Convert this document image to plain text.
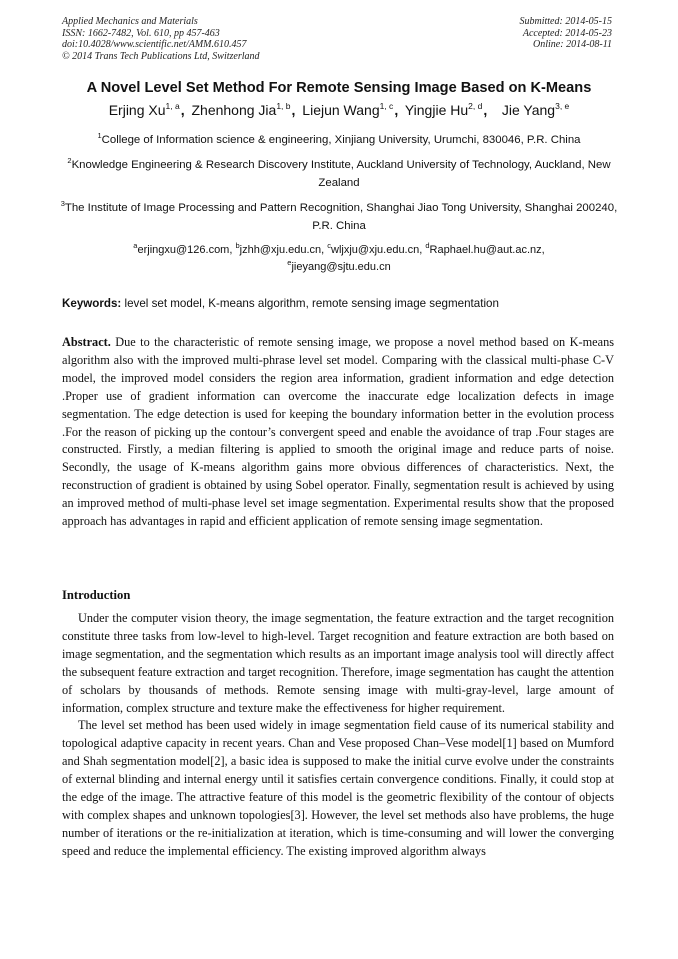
Applied Mechanics and Materials
ISSN: 1662-7482, Vol. 610, pp 457-463
doi:10.4028/www.scientific.net/AMM.610.457
© 2014 Trans Tech Publications Ltd, Switzerland
Submitted: 2014-05-15
Accepted: 2014-05-23
Online: 2014-08-11
A Novel Level Set Method For Remote Sensing Image Based on K-Means
Erjing Xu$^{1, a}$, Zhenhong Jia$^{1, b}$, Liejun Wang$^{1, c}$, Yingjie Hu$^{2, d}$, Jie Yang$^{3, e}$
$^1$College of Information science & engineering, Xinjiang University, Urumchi, 830046, P.R. China
$^2$Knowledge Engineering & Research Discovery Institute, Auckland University of Technology, Auckland, New Zealand
$^3$The Institute of Image Processing and Pattern Recognition, Shanghai Jiao Tong University, Shanghai 200240, P.R. China
$^a$erjingxu@126.com, $^b$jzhh@xju.edu.cn, $^c$wljxju@xju.edu.cn, $^d$Raphael.hu@aut.ac.nz,
$^e$jieyang@sjtu.edu.cn
Keywords: level set model, K-means algorithm, remote sensing image segmentation
Abstract. Due to the characteristic of remote sensing image, we propose a novel method based on K-means algorithm also with the improved multi-phrase level set model. Comparing with the classical multi-phase C-V model, the improved model considers the region area information, gradient information and edge detection .Proper use of gradient information can overcome the inaccurate edge localization defects in image segmentation. The edge detection is used for keeping the boundary information better in the evolution process .For the reason of picking up the contour’s convergent speed and enable the avoidance of trap .Four stages are constructed. Firstly, a median filtering is applied to smooth the original image and reduce parts of noise. Secondly, the usage of K-means algorithm gains more obvious differences of characteristics. Next, the reconstruction of gradient is obtained by using Sobel operator. Finally, segmentation result is achieved by using an improved method of multi-phase level set image segmentation. Experimental results show that the proposed approach has advantages in rapid and efficient application of remote sensing image segmentation.
Introduction

Under the computer vision theory, the image segmentation, the feature extraction and the target recognition constitute three tasks from low-level to high-level. Target recognition and feature extraction are both based on image segmentation, and the segmentation which results as an important image analysis tool will directly affect the subsequent feature extraction and target recognition. Therefore, image segmentation has caught the attention of scholars by thousands of methods. Remote sensing image with multi-gray-level, large amount of information, complex structure and texture make the effectiveness for higher requirement.

The level set method has been used widely in image segmentation field cause of its numerical stability and topological adaptive capacity in recent years. Chan and Vese proposed Chan–Vese model[1] based on Mumford and Shah segmentation model[2], a basic idea is supposed to make the initial curve evolve under the constraints of external blinding and internal energy until it satisfies certain convergence conditions. Finally, it could stop at the edge of the image. The attractive feature of this model is the geometric flexibility of the contour of objects with complex shapes and unknown topologies[3]. However, the level set methods also have problems, the huge number of iterations or the re-initialization at iteration, which is time-consuming and will lower the converging speed and reduce the implemental efficiency. The existing improved algorithm always
